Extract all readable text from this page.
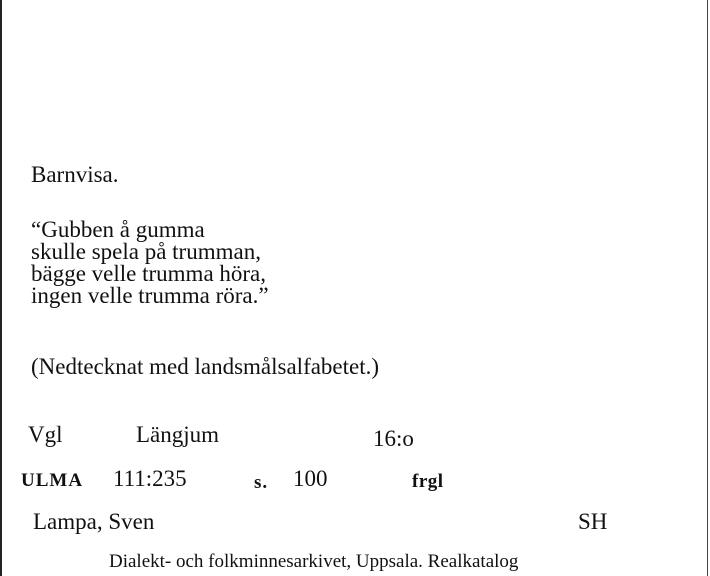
Barnvisa.
“Gubben å gumma
skulle spela på trumman,
bägge velle trumma höra,
ingen velle trumma röra.”
(Nedtecknat med landsmålsalfabetet.)
Vgl	Längjum	16:o
ULMA 111:235	s. 100	frgl
Lampa, Sven	SH
Dialekt- och folkminnesarkivet, Uppsala. Realkatalog
